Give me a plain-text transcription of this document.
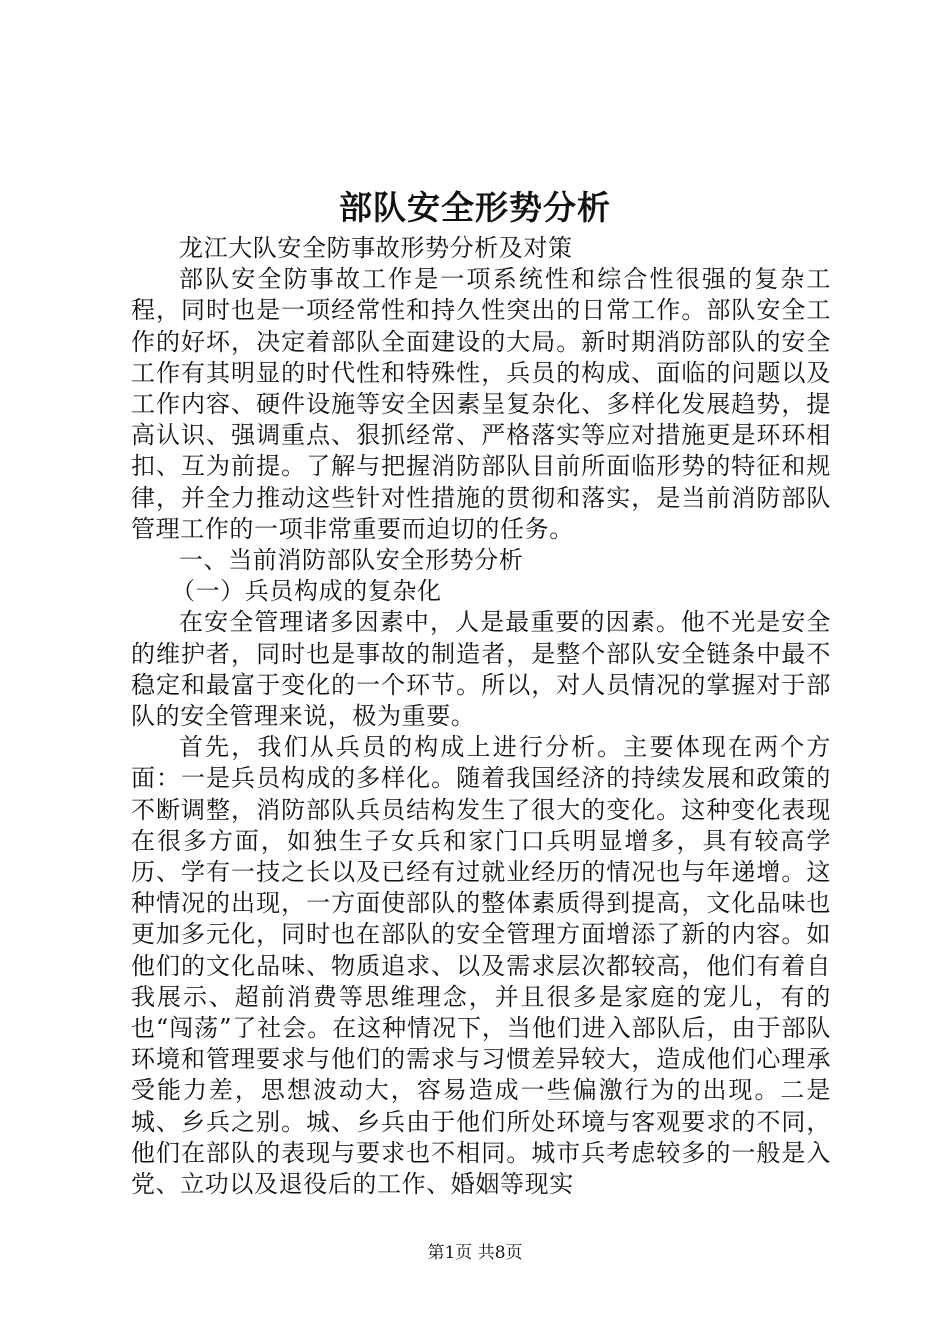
部队安全形势分析

龙江大队安全防事故形势分析及对策

部队安全防事故工作是一项系统性和综合性很强的复杂工程，同时也是一项经常性和持久性突出的日常工作。部队安全工作的好坏，决定着部队全面建设的大局。新时期消防部队的安全工作有其明显的时代性和特殊性，兵员的构成、面临的问题以及工作内容、硬件设施等安全因素呈复杂化、多样化发展趋势，提高认识、强调重点、狠抓经常、严格落实等应对措施更是环环相扣、互为前提。了解与把握消防部队目前所面临形势的特征和规律，并全力推动这些针对性措施的贯彻和落实，是当前消防部队管理工作的一项非常重要而迫切的任务。

一、当前消防部队安全形势分析

（一）兵员构成的复杂化

在安全管理诸多因素中，人是最重要的因素。他不光是安全的维护者，同时也是事故的制造者，是整个部队安全链条中最不稳定和最富于变化的一个环节。所以，对人员情况的掌握对于部队的安全管理来说，极为重要。

首先，我们从兵员的构成上进行分析。主要体现在两个方面：一是兵员构成的多样化。随着我国经济的持续发展和政策的不断调整，消防部队兵员结构发生了很大的变化。这种变化表现在很多方面，如独生子女兵和家门口兵明显增多，具有较高学历、学有一技之长以及已经有过就业经历的情况也与年递增。这种情况的出现，一方面使部队的整体素质得到提高，文化品味也更加多元化，同时也在部队的安全管理方面增添了新的内容。如他们的文化品味、物质追求、以及需求层次都较高，他们有着自我展示、超前消费等思维理念，并且很多是家庭的宠儿，有的也“闯荡”了社会。在这种情况下，当他们进入部队后，由于部队环境和管理要求与他们的需求与习惯差异较大，造成他们心理承受能力差，思想波动大，容易造成一些偏激行为的出现。二是城、乡兵之别。城、乡兵由于他们所处环境与客观要求的不同，他们在部队的表现与要求也不相同。城市兵考虑较多的一般是入党、立功以及退役后的工作、婚姻等现实

第1页 共8页
